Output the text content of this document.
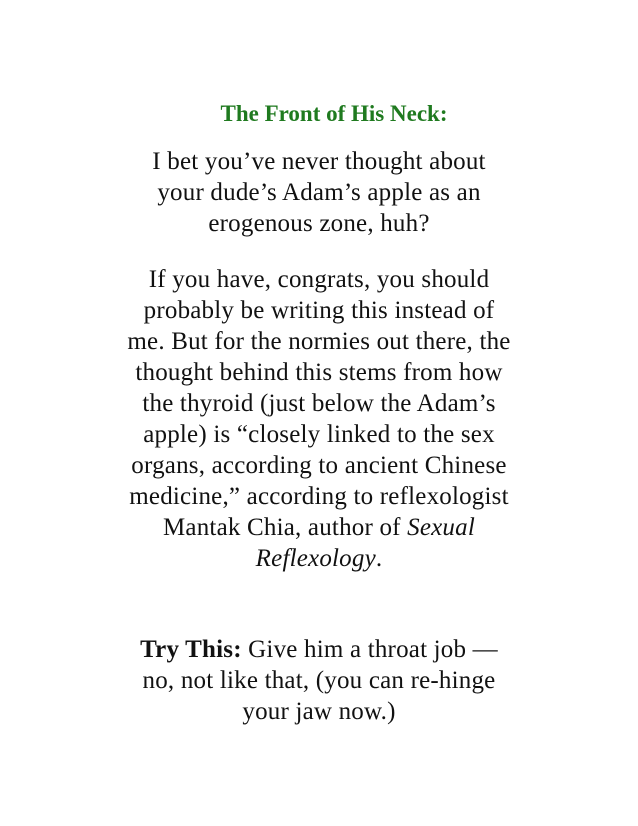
The Front of His Neck:
I bet you’ve never thought about
your dude’s Adam’s apple as an
erogenous zone, huh?
If you have, congrats, you should
probably be writing this instead of
me. But for the normies out there, the
thought behind this stems from how
the thyroid (just below the Adam’s
apple) is “closely linked to the sex
organs, according to ancient Chinese
medicine,” according to reflexologist
Mantak Chia, author of Sexual
Reflexology.
Try This: Give him a throat job —
no, not like that, (you can re-hinge
your jaw now.)
